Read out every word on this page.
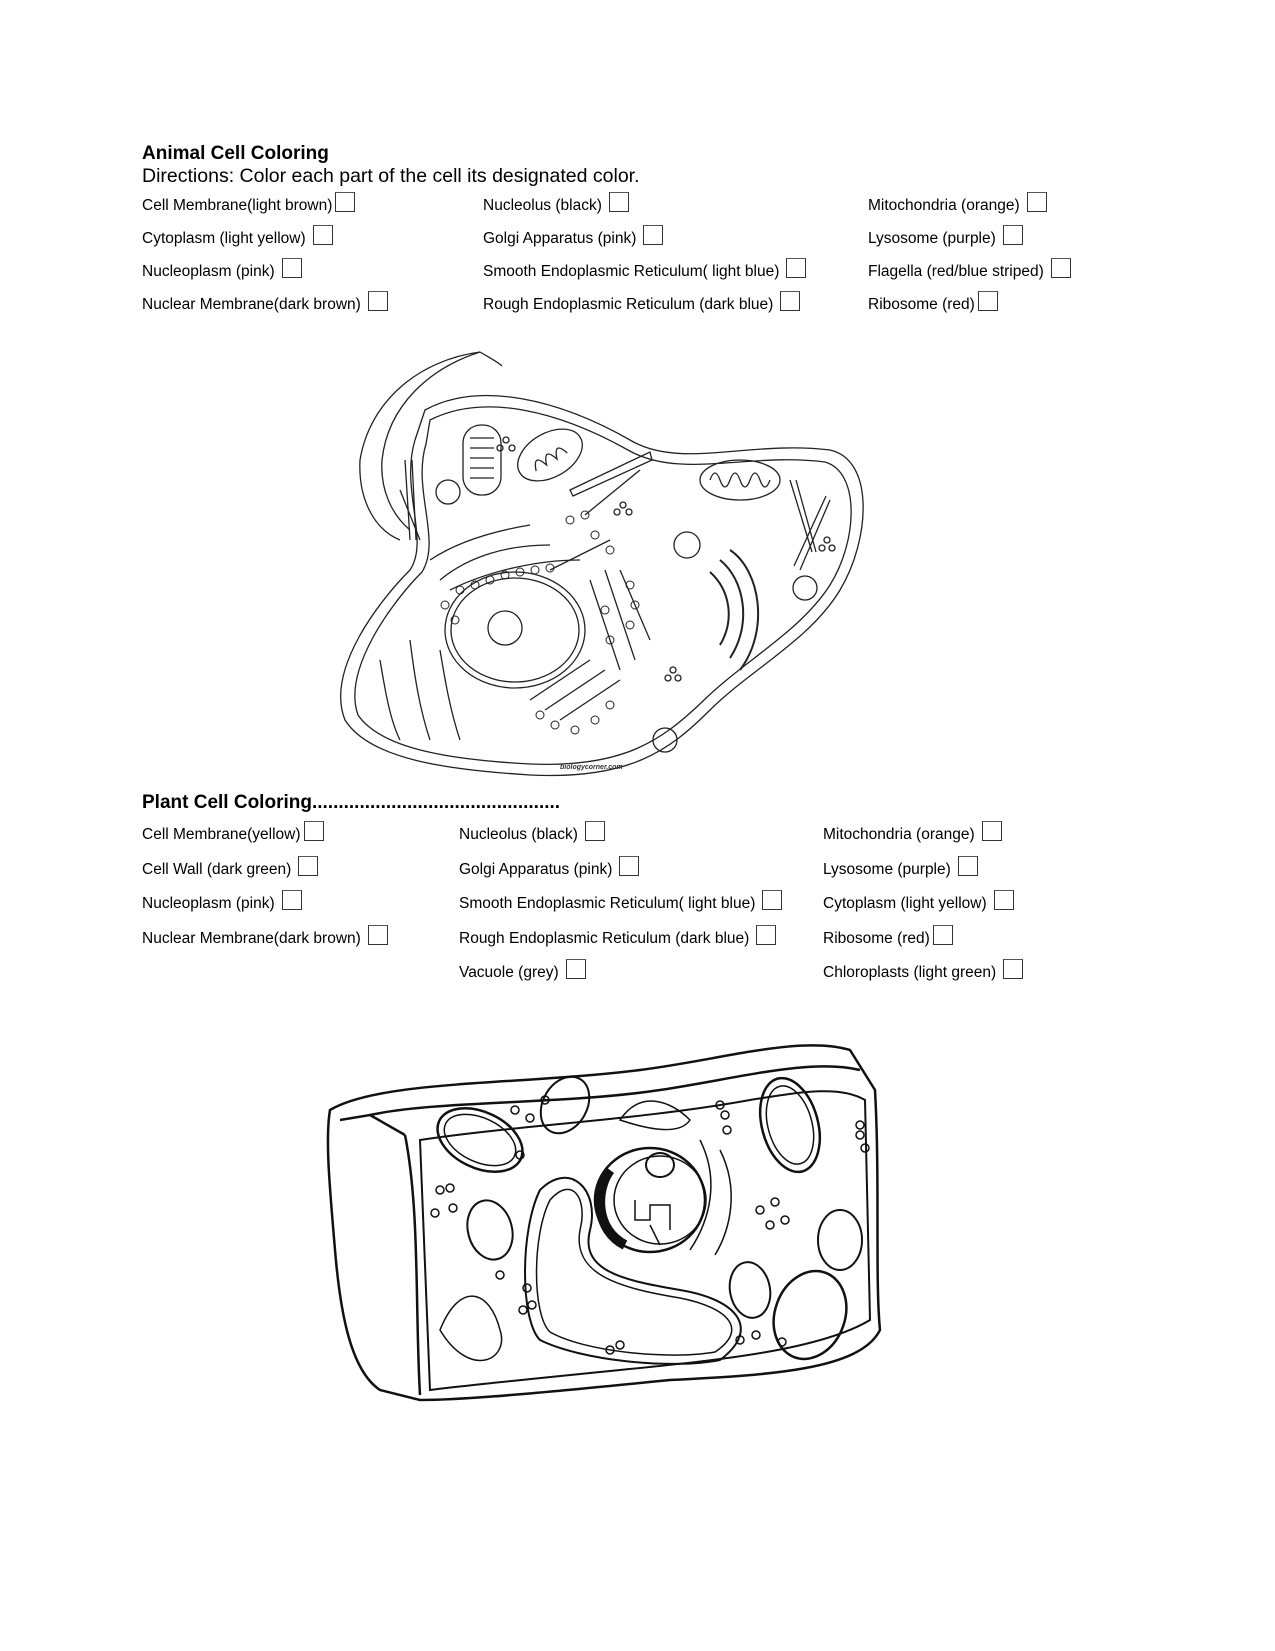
Animal Cell Coloring
Directions: Color each part of the cell its designated color.
Cell Membrane(light brown)
Cytoplasm (light yellow)
Nucleoplasm (pink)
Nuclear Membrane(dark brown)
Nucleolus (black)
Golgi Apparatus (pink)
Smooth Endoplasmic Reticulum( light blue)
Rough Endoplasmic Reticulum (dark blue)
Mitochondria (orange)
Lysosome (purple)
Flagella (red/blue striped)
Ribosome (red)
biologycorner.com
Plant Cell Coloring...............................................
Cell Membrane(yellow)
Cell Wall (dark green)
Nucleoplasm (pink)
Nuclear Membrane(dark brown)
Nucleolus (black)
Golgi Apparatus (pink)
Smooth Endoplasmic Reticulum( light blue)
Rough Endoplasmic Reticulum (dark blue)
Vacuole (grey)
Mitochondria (orange)
Lysosome (purple)
Cytoplasm (light yellow)
Ribosome (red)
Chloroplasts (light green)
